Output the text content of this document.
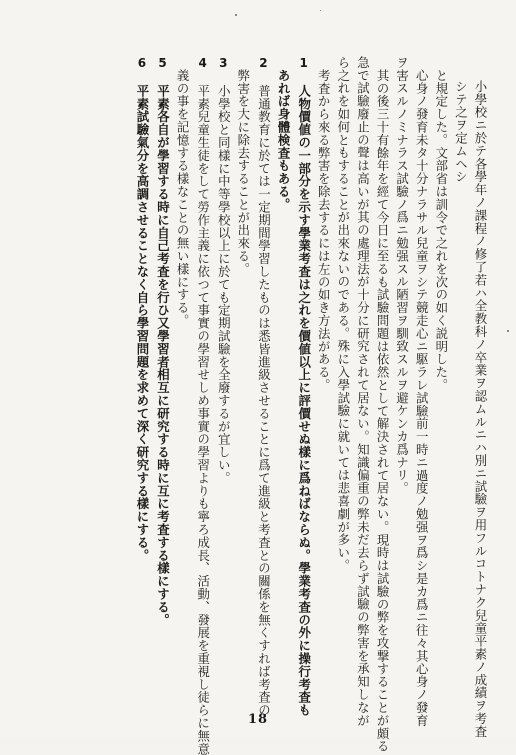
小學校ニ於テ各學年ノ課程ノ修了若ハ全教科ノ卒業ヲ認ムルニハ別ニ試驗ヲ用フルコトナク兒童平素ノ成績ヲ考査
シテ之ヲ定ムヘシ
と規定した。文部省は訓令で之れを次の如く説明した。
心身ノ發育未タ十分ナラサル兒童ヲシテ競走心ニ駆ラレ試驗前一時ニ過度ノ勉强ヲ爲シ是カ爲ニ往々其心身ノ發育
ヲ害スルノミナラス試驗ノ爲ニ勉强スル陋習ヲ馴致スルヲ避ケンカ爲ナリ。
其の後三十有餘年を經て今日に至るも試驗問題は依然として解決されて居ない。現時は試驗の弊を攻撃することが頗る
急で試驗廢止の聲は高いが其の處理法が十分に研究されて居ない。知識偏重の弊未だ去らず試驗の弊害を承知しなが
ら之れを如何ともすることが出來ないのである。殊に入學試驗に就いては悲喜劇が多い。
考査から來る弊害を除去するには左の如き方法がある。
1人物價値の一部分を示す學業考査は之れを價値以上に評價せぬ樣に爲ねばならぬ。學業考査の外に操行考査も
あれば身體検査もある。
2普通教育に於ては一定期間學習したものは悉皆進級させることに爲て進級と考査との關係を無くすれば考査の
弊害を大に除去することが出來る。
3小學校と同樣に中等學校以上に於ても定期試驗を全廢するが宜しい。
4平素兒童生徒をして勞作主義に依つて事實の學習せしめ事實の學習よりも寧ろ成長、活動、發展を重視し徒らに無意
義の事を記憶する樣なことの無い樣にする。
5平素各自が學習する時に自己考査を行ひ又學習者相互に研究する時に互に考査する樣にする。
6平素試驗氣分を高調させることなく自ら學習問題を求めて深く研究する樣にする。
18
